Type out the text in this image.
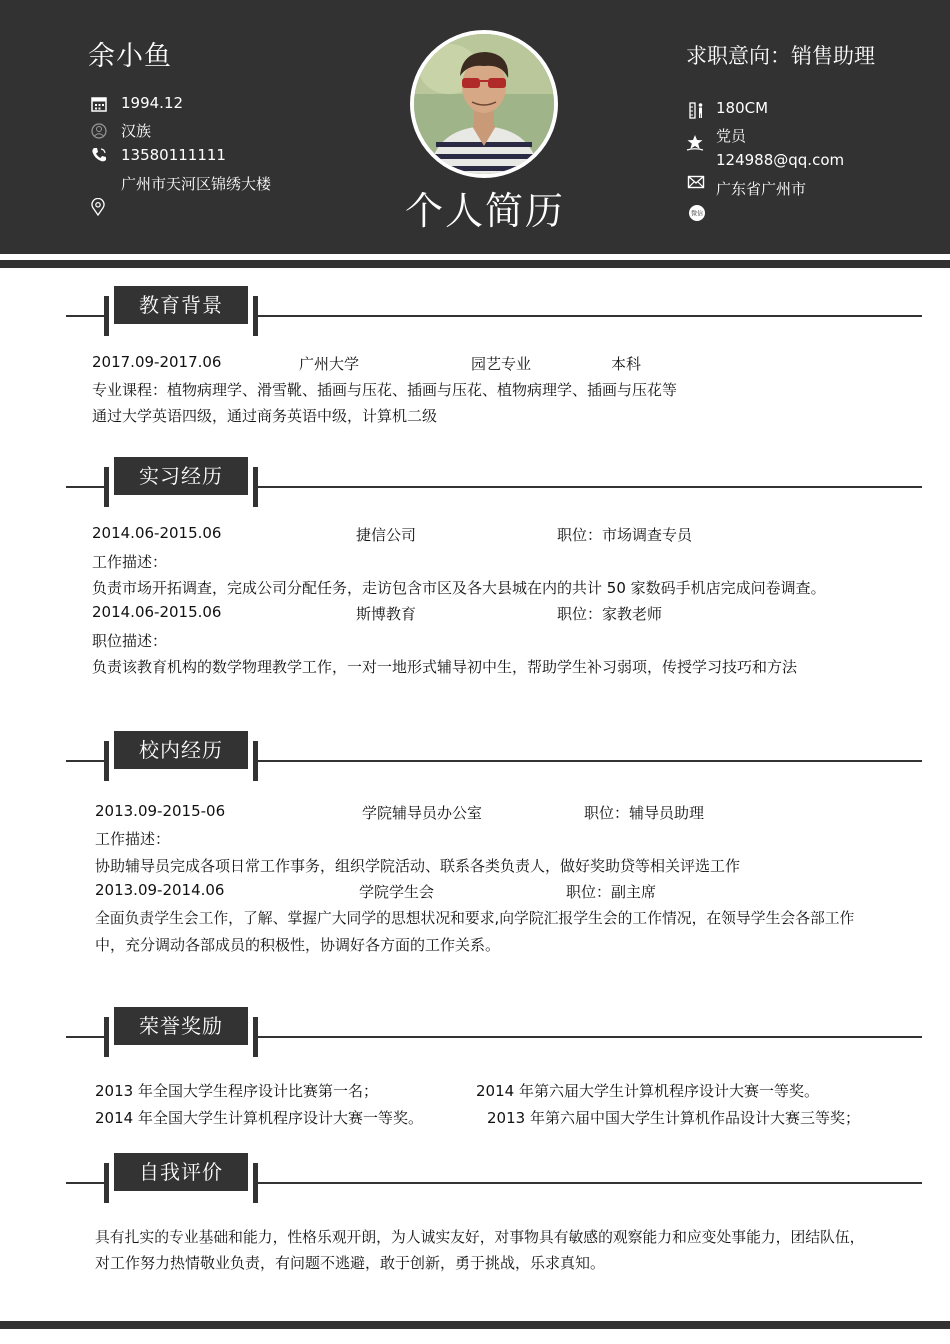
余小鱼
1994.12
汉族
13580111111
广州市天河区锦绣大楼
个人简历
求职意向：销售助理
180CM
党员
124988@qq.com
广东省广州市
微信
教育背景
2017.09-2017.06	广州大学	园艺专业	本科
专业课程：植物病理学、滑雪靴、插画与压花、插画与压花、植物病理学、插画与压花等
通过大学英语四级，通过商务英语中级，计算机二级
实习经历
2014.06-2015.06	捷信公司	职位：市场调查专员
工作描述：
负责市场开拓调查，完成公司分配任务，走访包含市区及各大县城在内的共计 50 家数码手机店完成问卷调查。
2014.06-2015.06	斯博教育	职位：家教老师
职位描述：
负责该教育机构的数学物理教学工作，一对一地形式辅导初中生，帮助学生补习弱项，传授学习技巧和方法
校内经历
2013.09-2015-06	学院辅导员办公室	职位：辅导员助理
工作描述：
协助辅导员完成各项日常工作事务，组织学院活动、联系各类负责人，做好奖助贷等相关评选工作
2013.09-2014.06	学院学生会	职位：副主席
全面负责学生会工作，了解、掌握广大同学的思想状况和要求,向学院汇报学生会的工作情况，在领导学生会各部工作
中，充分调动各部成员的积极性，协调好各方面的工作关系。
荣誉奖励
2013 年全国大学生程序设计比赛第一名；	2014 年第六届大学生计算机程序设计大赛一等奖。
2014 年全国大学生计算机程序设计大赛一等奖。	2013 年第六届中国大学生计算机作品设计大赛三等奖；
自我评价
具有扎实的专业基础和能力，性格乐观开朗，为人诚实友好，对事物具有敏感的观察能力和应变处事能力，团结队伍，
对工作努力热情敬业负责，有问题不逃避，敢于创新，勇于挑战，乐求真知。
